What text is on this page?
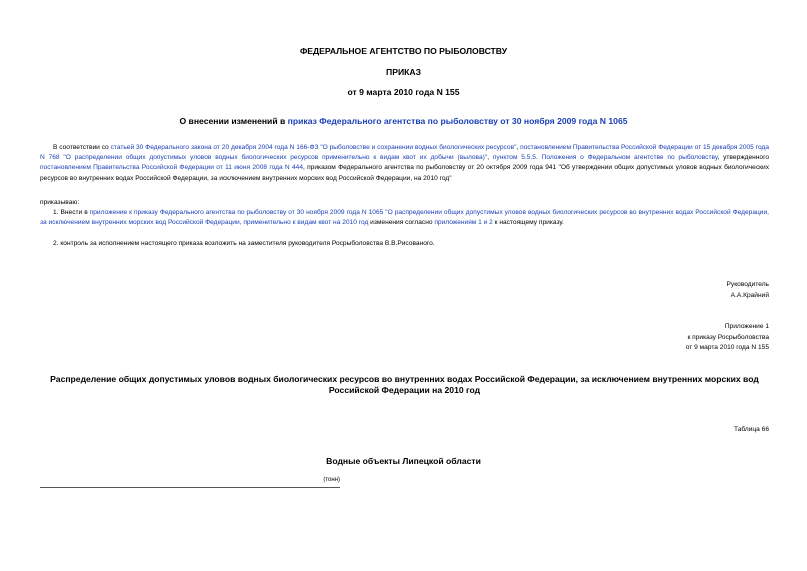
ФЕДЕРАЛЬНОЕ АГЕНТСТВО ПО РЫБОЛОВСТВУ
ПРИКАЗ
от 9 марта 2010 года N 155
О внесении изменений в приказ Федерального агентства по рыболовству от 30 ноября 2009 года N 1065
В соответствии со статьей 30 Федерального закона от 20 декабря 2004 года N 166-ФЗ "О рыболовстве и сохранении водных биологических ресурсов", постановлением Правительства Российской Федерации от 15 декабря 2005 года N 768 "О распределении общих допустимых уловов водных биологических ресурсов применительно к видам квот их добычи (вылова)", пунктом 5.5.5. Положения о Федеральном агентстве по рыболовству, утвержденного постановлением Правительства Российской Федерации от 11 июня 2008 года N 444, приказом Федерального агентства по рыболовству от 20 октября 2009 года 941 "Об утверждении общих допустимых уловов водных биологических ресурсов во внутренних водах Российской Федерации, за исключением внутренних морских вод Российской Федерации, на 2010 год"
приказываю:
1. Внести в приложение к приказу Федерального агентства по рыболовству от 30 ноября 2009 года N 1065 "О распределении общих допустимых уловов водных биологических ресурсов во внутренних водах Российской Федерации, за исключением внутренних морских вод Российской Федерации, применительно к видам квот на 2010 год изменения согласно приложениям 1 и 2 к настоящему приказу.
2. контроль за исполнением настоящего приказа возложить на заместителя руководителя Росрыболовства В.В.Рисованого.
Руководитель
А.А.Крайний
Приложение 1
к приказу Росрыболовства
от 9 марта 2010 года N 155
Распределение общих допустимых уловов водных биологических ресурсов во внутренних водах Российской Федерации, за исключением внутренних морских вод Российской Федерации на 2010 год
Таблица 66
Водные объекты Липецкой области
(тонн)
